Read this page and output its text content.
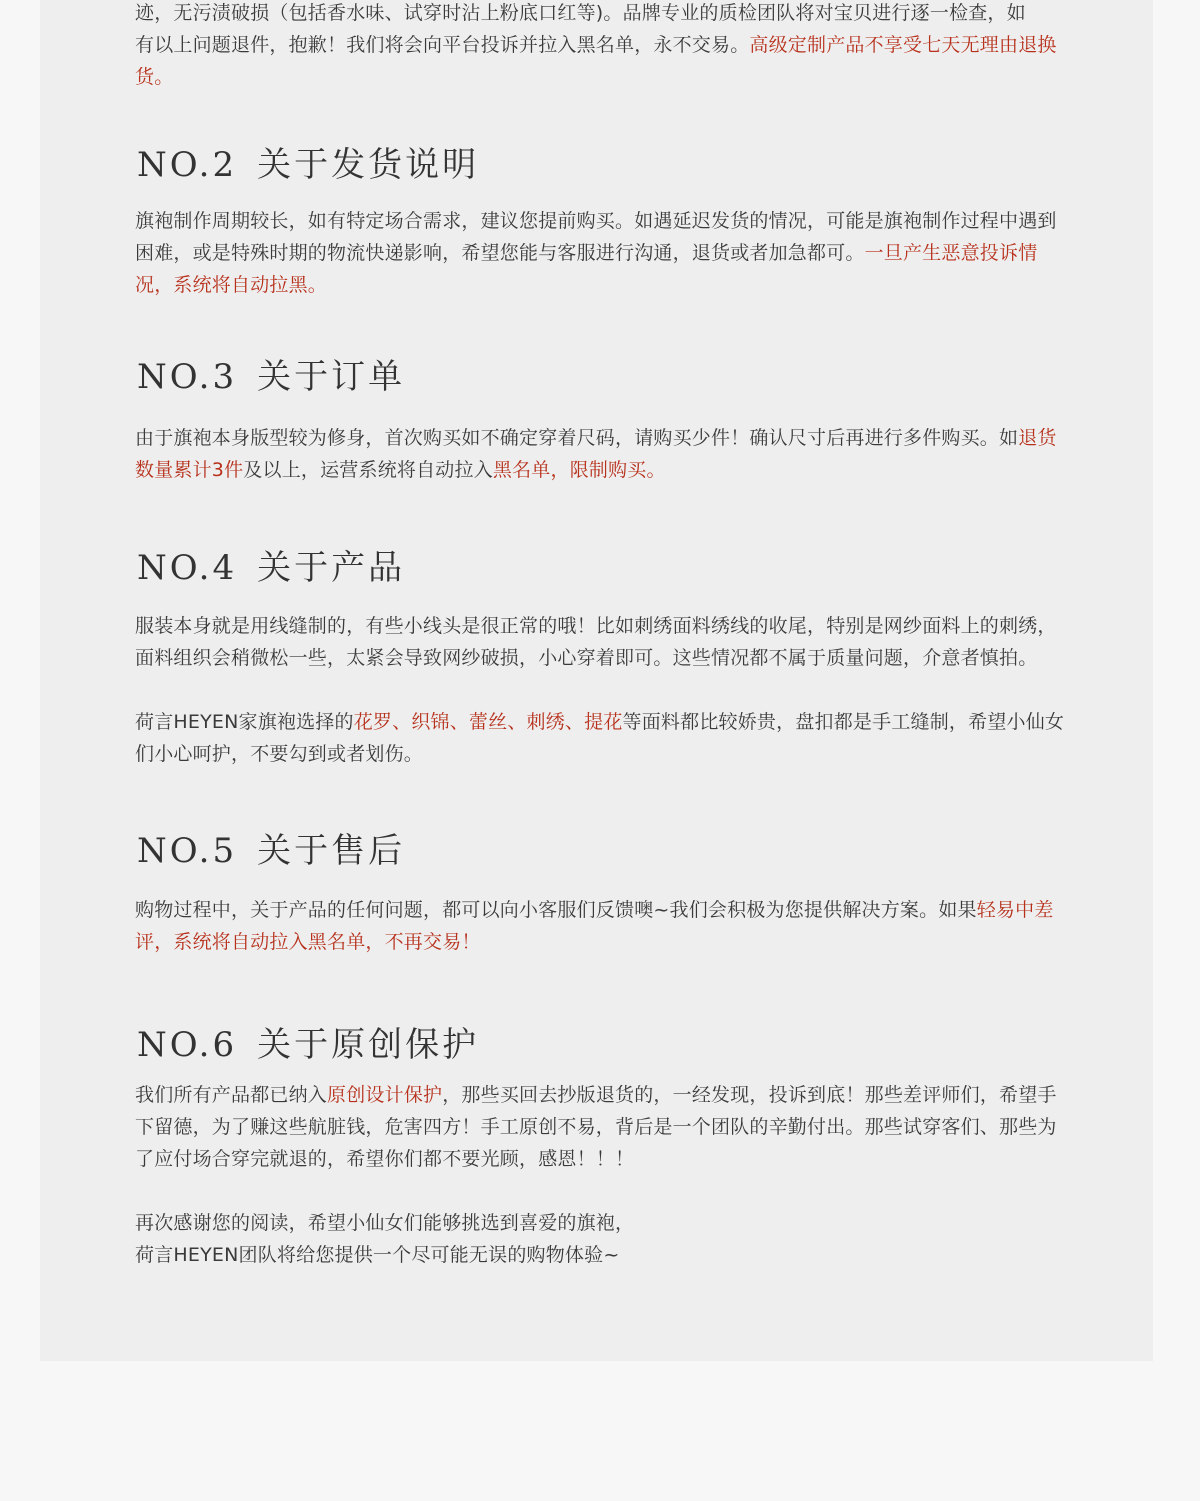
迹，无污渍破损（包括香水味、试穿时沾上粉底口红等)。品牌专业的质检团队将对宝贝进行逐一检查，如
有以上问题退件，抱歉！我们将会向平台投诉并拉入黑名单，永不交易。高级定制产品不享受七天无理由退换货。

NO.2 关于发货说明

旗袍制作周期较长，如有特定场合需求，建议您提前购买。如遇延迟发货的情况，可能是旗袍制作过程中遇到困难，或是特殊时期的物流快递影响，希望您能与客服进行沟通，退货或者加急都可。一旦产生恶意投诉情况，系统将自动拉黑。

NO.3 关于订单

由于旗袍本身版型较为修身，首次购买如不确定穿着尺码，请购买少件！确认尺寸后再进行多件购买。如退货数量累计3件及以上，运营系统将自动拉入黑名单，限制购买。

NO.4 关于产品

服装本身就是用线缝制的，有些小线头是很正常的哦！比如刺绣面料绣线的收尾，特别是网纱面料上的刺绣，面料组织会稍微松一些，太紧会导致网纱破损，小心穿着即可。这些情况都不属于质量问题，介意者慎拍。

荷言HEYEN家旗袍选择的花罗、织锦、蕾丝、刺绣、提花等面料都比较娇贵，盘扣都是手工缝制，希望小仙女们小心呵护，不要勾到或者划伤。

NO.5 关于售后

购物过程中，关于产品的任何问题，都可以向小客服们反馈噢~我们会积极为您提供解决方案。如果轻易中差评，系统将自动拉入黑名单，不再交易！

NO.6 关于原创保护

我们所有产品都已纳入原创设计保护，那些买回去抄版退货的，一经发现，投诉到底！那些差评师们，希望手下留德，为了赚这些航脏钱，危害四方！手工原创不易，背后是一个团队的辛勤付出。那些试穿客们、那些为了应付场合穿完就退的，希望你们都不要光顾，感恩！！！

再次感谢您的阅读，希望小仙女们能够挑选到喜爱的旗袍，
荷言HEYEN团队将给您提供一个尽可能无误的购物体验~
